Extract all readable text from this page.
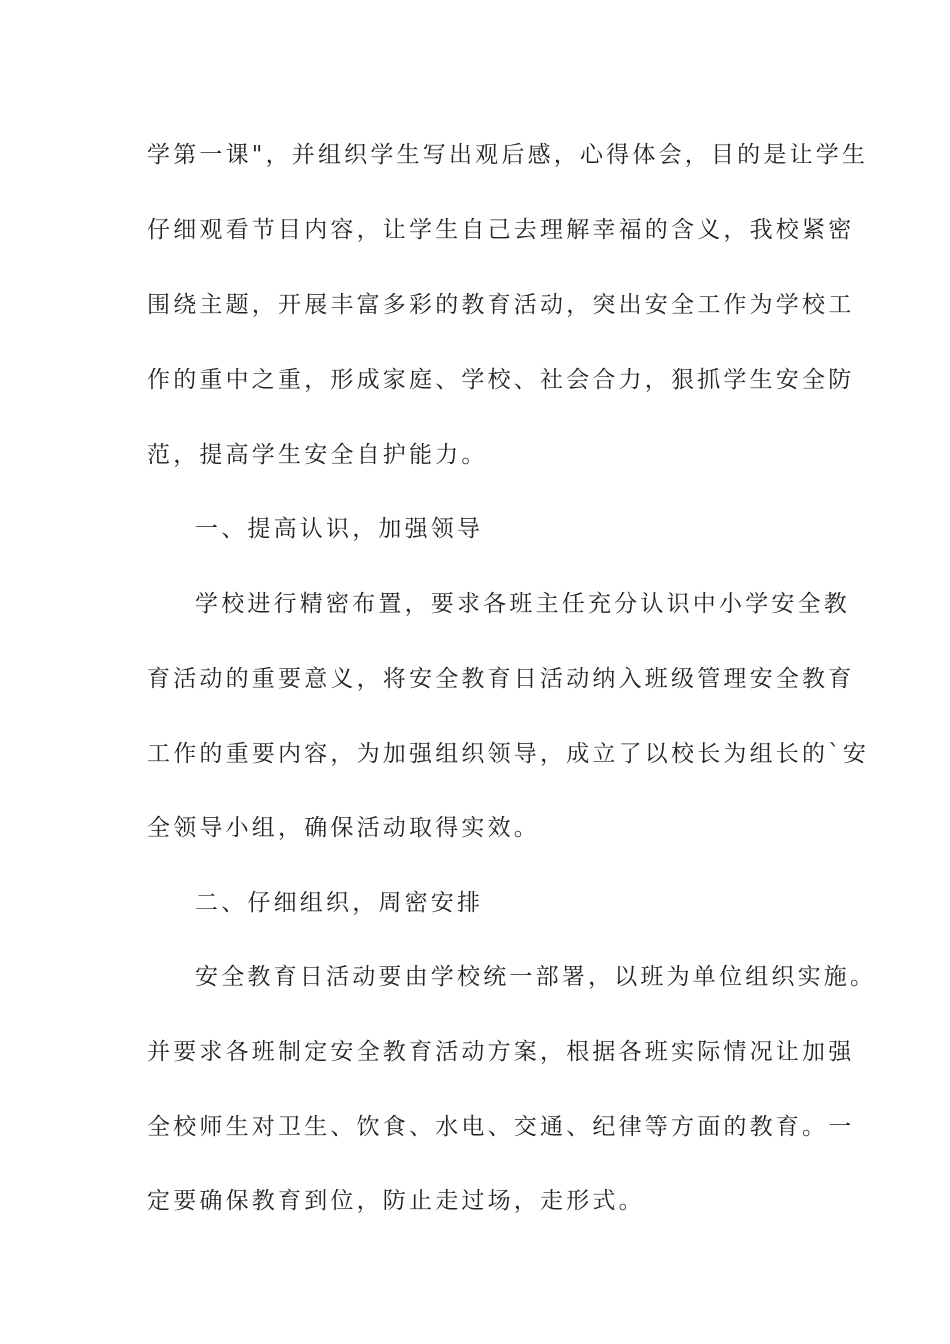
学第一课"，并组织学生写出观后感，心得体会，目的是让学生
仔细观看节目内容，让学生自己去理解幸福的含义，我校紧密
围绕主题，开展丰富多彩的教育活动，突出安全工作为学校工
作的重中之重，形成家庭、学校、社会合力，狠抓学生安全防
范，提高学生安全自护能力。
一、提高认识，加强领导
学校进行精密布置，要求各班主任充分认识中小学安全教
育活动的重要意义，将安全教育日活动纳入班级管理安全教育
工作的重要内容，为加强组织领导，成立了以校长为组长的`安
全领导小组，确保活动取得实效。
二、仔细组织，周密安排
安全教育日活动要由学校统一部署，以班为单位组织实施。
并要求各班制定安全教育活动方案，根据各班实际情况让加强
全校师生对卫生、饮食、水电、交通、纪律等方面的教育。一
定要确保教育到位，防止走过场，走形式。
